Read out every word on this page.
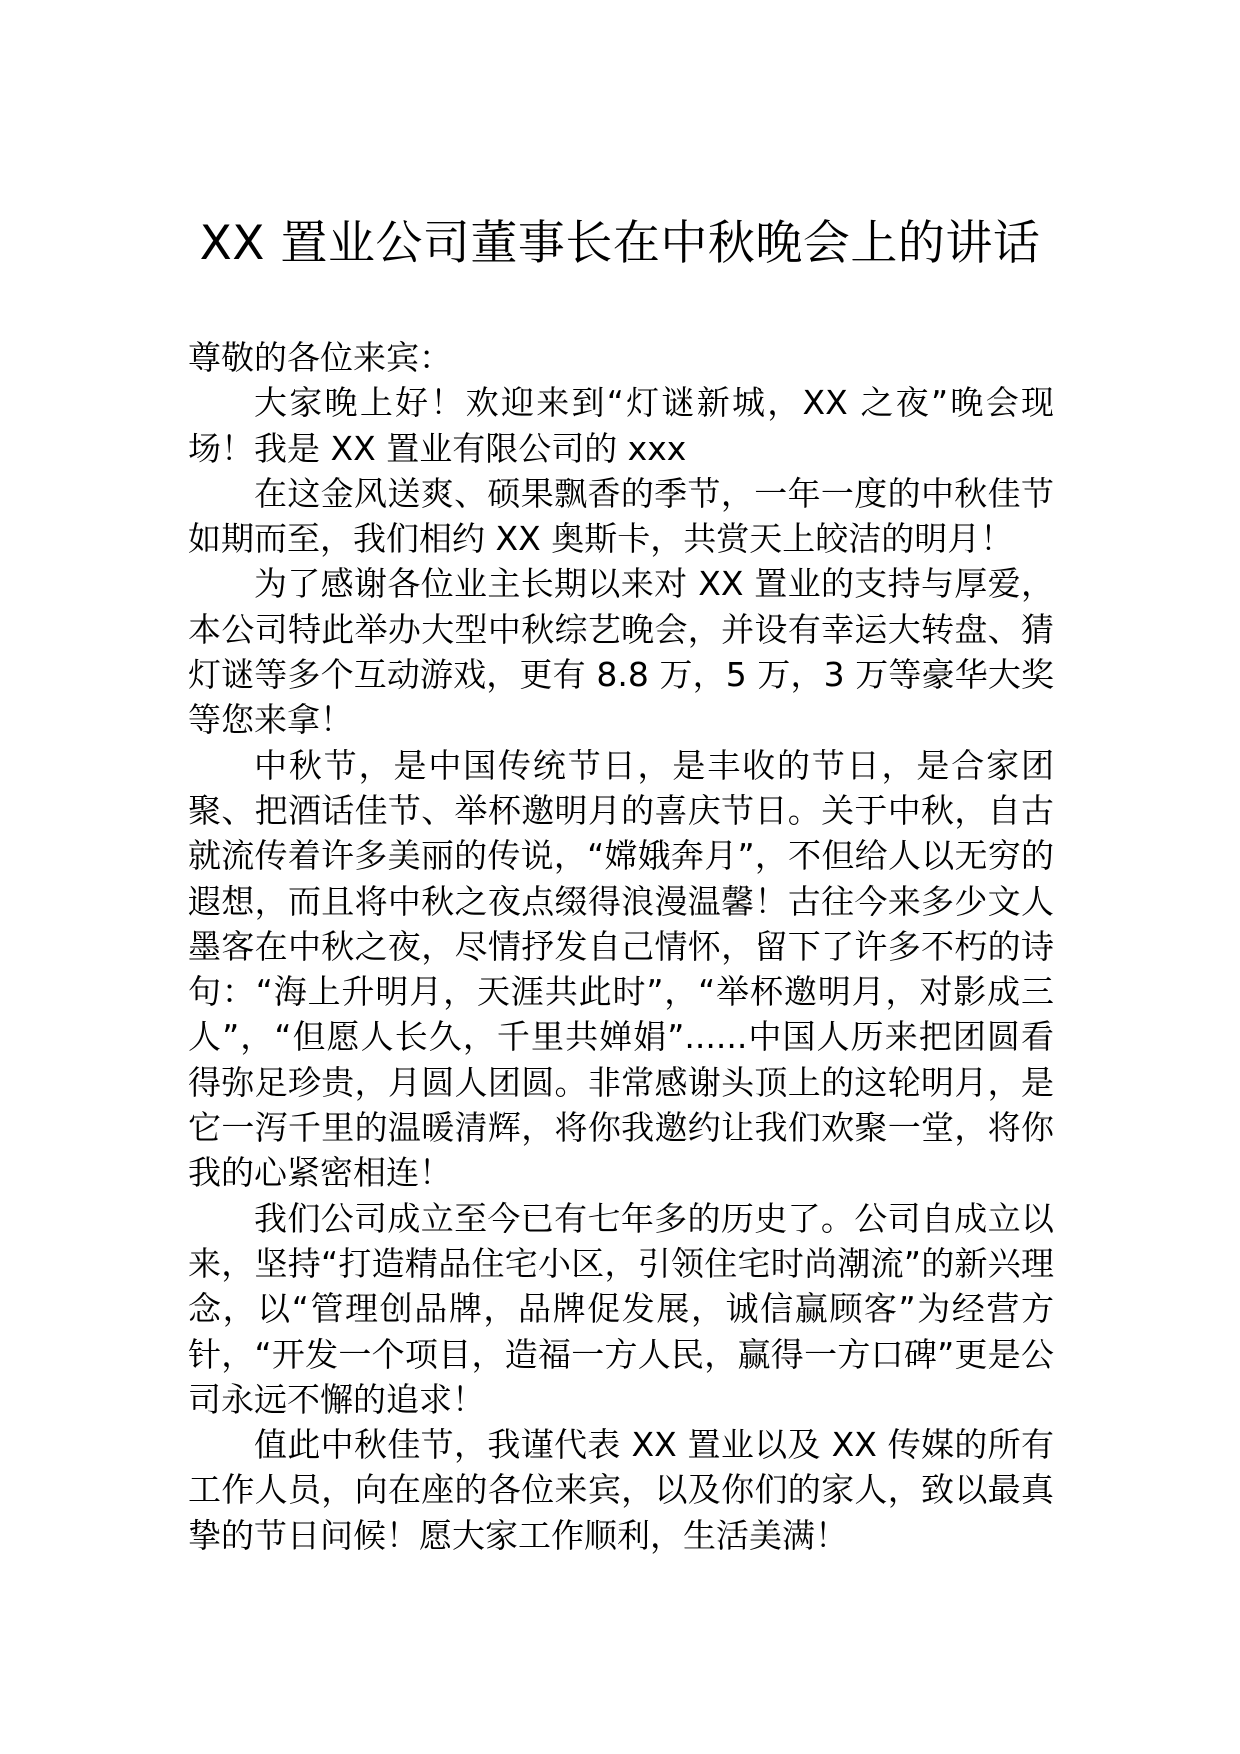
XX 置业公司董事长在中秋晚会上的讲话

尊敬的各位来宾：

大家晚上好！欢迎来到“灯谜新城，XX 之夜”晚会现场！我是 XX 置业有限公司的 xxx

在这金风送爽、硕果飘香的季节，一年一度的中秋佳节如期而至，我们相约 XX 奥斯卡，共赏天上皎洁的明月！

为了感谢各位业主长期以来对 XX 置业的支持与厚爱，本公司特此举办大型中秋综艺晚会，并设有幸运大转盘、猜灯谜等多个互动游戏，更有 8.8 万，5 万，3 万等豪华大奖等您来拿！

中秋节，是中国传统节日，是丰收的节日，是合家团聚、把酒话佳节、举杯邀明月的喜庆节日。关于中秋，自古就流传着许多美丽的传说，“嫦娥奔月”，不但给人以无穷的遐想，而且将中秋之夜点缀得浪漫温馨！古往今来多少文人墨客在中秋之夜，尽情抒发自己情怀，留下了许多不朽的诗句：“海上升明月，天涯共此时”，“举杯邀明月，对影成三人”，“但愿人长久，千里共婵娟”......中国人历来把团圆看得弥足珍贵，月圆人团圆。非常感谢头顶上的这轮明月，是它一泻千里的温暖清辉，将你我邀约让我们欢聚一堂，将你我的心紧密相连！

我们公司成立至今已有七年多的历史了。公司自成立以来，坚持“打造精品住宅小区，引领住宅时尚潮流”的新兴理念，以“管理创品牌，品牌促发展，诚信赢顾客”为经营方针，“开发一个项目，造福一方人民，赢得一方口碑”更是公司永远不懈的追求！

值此中秋佳节，我谨代表 XX 置业以及 XX 传媒的所有工作人员，向在座的各位来宾，以及你们的家人，致以最真挚的节日问候！愿大家工作顺利，生活美满！
